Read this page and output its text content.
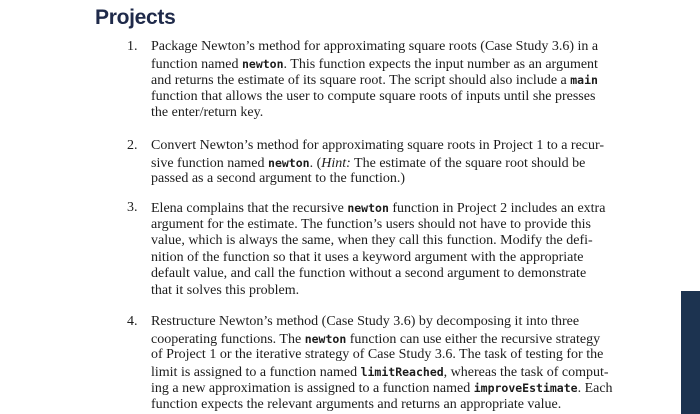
Projects
1. Package Newton’s method for approximating square roots (Case Study 3.6) in a
function named newton. This function expects the input number as an argument
and returns the estimate of its square root. The script should also include a main
function that allows the user to compute square roots of inputs until she presses
the enter/return key.
2. Convert Newton’s method for approximating square roots in Project 1 to a recur-
sive function named newton. (Hint: The estimate of the square root should be
passed as a second argument to the function.)
3. Elena complains that the recursive newton function in Project 2 includes an extra
argument for the estimate. The function’s users should not have to provide this
value, which is always the same, when they call this function. Modify the defi-
nition of the function so that it uses a keyword argument with the appropriate
default value, and call the function without a second argument to demonstrate
that it solves this problem.
4. Restructure Newton’s method (Case Study 3.6) by decomposing it into three
cooperating functions. The newton function can use either the recursive strategy
of Project 1 or the iterative strategy of Case Study 3.6. The task of testing for the
limit is assigned to a function named limitReached, whereas the task of comput-
ing a new approximation is assigned to a function named improveEstimate. Each
function expects the relevant arguments and returns an appropriate value.
